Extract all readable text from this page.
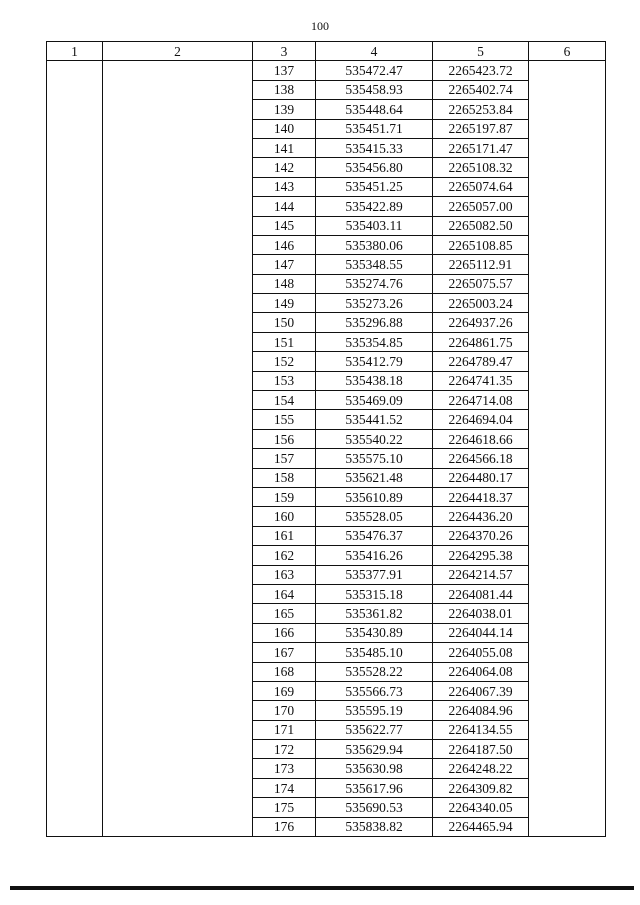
100
1	2	3	4	5	6
		137	535472.47	2265423.72	
		138	535458.93	2265402.74	
		139	535448.64	2265253.84	
		140	535451.71	2265197.87	
		141	535415.33	2265171.47	
		142	535456.80	2265108.32	
		143	535451.25	2265074.64	
		144	535422.89	2265057.00	
		145	535403.11	2265082.50	
		146	535380.06	2265108.85	
		147	535348.55	2265112.91	
		148	535274.76	2265075.57	
		149	535273.26	2265003.24	
		150	535296.88	2264937.26	
		151	535354.85	2264861.75	
		152	535412.79	2264789.47	
		153	535438.18	2264741.35	
		154	535469.09	2264714.08	
		155	535441.52	2264694.04	
		156	535540.22	2264618.66	
		157	535575.10	2264566.18	
		158	535621.48	2264480.17	
		159	535610.89	2264418.37	
		160	535528.05	2264436.20	
		161	535476.37	2264370.26	
		162	535416.26	2264295.38	
		163	535377.91	2264214.57	
		164	535315.18	2264081.44	
		165	535361.82	2264038.01	
		166	535430.89	2264044.14	
		167	535485.10	2264055.08	
		168	535528.22	2264064.08	
		169	535566.73	2264067.39	
		170	535595.19	2264084.96	
		171	535622.77	2264134.55	
		172	535629.94	2264187.50	
		173	535630.98	2264248.22	
		174	535617.96	2264309.82	
		175	535690.53	2264340.05	
		176	535838.82	2264465.94	
